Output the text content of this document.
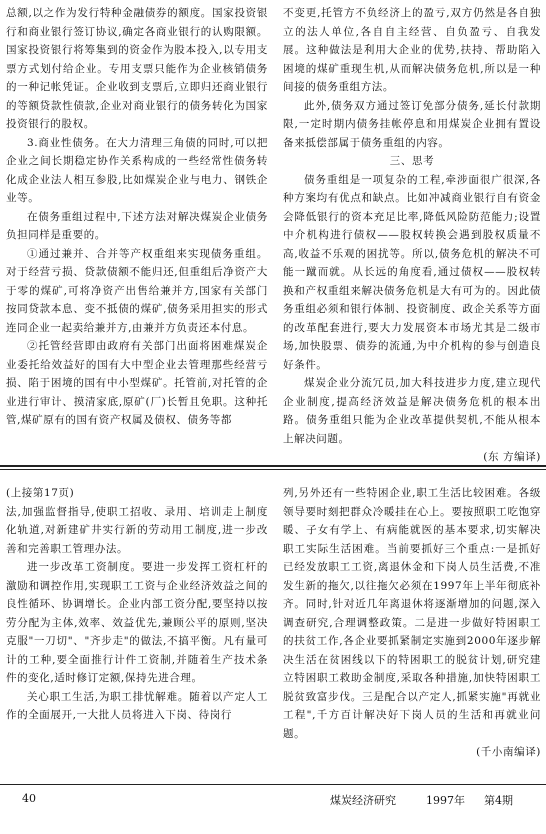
总额,以之作为发行特种金融债券的额度。国家投资银行和商业银行签订协议,确定各商业银行的认购限额。国家投资银行将筹集到的资金作为股本投入,以专用支票方式划付给企业。专用支票只能作为企业核销债务的一种记帐凭证。企业收到支票后,立即归还商业银行的等额贷款性债款,企业对商业银行的债务转化为国家投资银行的股权。

3.商业性债务。在大力清理三角债的同时,可以把企业之间长期稳定协作关系构成的一些经常性债务转化成企业法人相互参股,比如煤炭企业与电力、钢铁企业等。

在债务重组过程中,下述方法对解决煤炭企业债务负担同样是重要的。

①通过兼并、合并等产权重组来实现债务重组。对于经营亏损、贷款债额不能归还,但重组后净资产大于零的煤矿,可将净资产出售给兼并方,国家有关部门按同贷款本息、变不抵债的煤矿,债务采用担实的形式连同企业一起卖给兼并方,由兼并方负责还本付息。

②托管经营即由政府有关部门出面将困难煤炭企业委托给效益好的国有大中型企业去管理那些经营亏损、陷于困境的国有中小型煤矿。托管前,对托管的企业进行审计、摸清家底,原矿(厂)长暂且免职。这种托管,煤矿原有的国有资产权属及债权、债务等都

不变更,托管方不负经济上的盈亏,双方仍然是各自独立的法人单位,各自自主经营、自负盈亏、自我发展。这种做法是利用大企业的优势,扶持、帮助陷入困境的煤矿重现生机,从而解决债务危机,所以是一种间接的债务重组方法。

此外,债务双方通过签订免部分债务,延长付款期限,一定时期内债务挂帐停息和用煤炭企业拥有置设备来抵偿部属于债务重组的内容。

三、思考

债务重组是一项复杂的工程,牵涉面很广很深,各种方案均有优点和缺点。比如冲减商业银行自有资金会降低银行的资本充足比率,降低风险防范能力;设置中介机构进行债权——股权转换会遇到股权质量不高,收益不乐观的困扰等。所以,债务危机的解决不可能一蹴而就。从长远的角度看,通过债权——股权转换和产权重组来解决债务危机是大有可为的。因此债务重组必须和银行体制、投资制度、政企关系等方面的改革配套进行,要大力发展资本市场尤其是二级市场,加快股票、债券的流通,为中介机构的参与创造良好条件。

煤炭企业分流冗员,加大科技进步力度,建立现代企业制度,提高经济效益是解决债务危机的根本出路。债务重组只能为企业改革提供契机,不能从根本上解决问题。

(东 方编译)

(上接第17页)

法,加强监督指导,使职工招收、录用、培训走上制度化轨道,对新建矿井实行新的劳动用工制度,进一步改善和完善职工管理办法。

进一步改革工资制度。要进一步发挥工资杠杆的激励和调控作用,实现职工工资与企业经济效益之间的良性循环、协调增长。企业内部工资分配,要坚持以按劳分配为主体,效率、效益优先,兼顾公平的原则,坚决克服"一刀切"、"齐步走"的做法,不搞平衡。凡有量可计的工种,要全面推行计件工资制,并随着生产技术条件的变化,适时修订定额,保持先进合理。

关心职工生活,为职工排忧解难。随着以产定人工作的全面展开,一大批人员将进入下岗、待岗行

列,另外还有一些特困企业,职工生活比较困难。各级领导要时刻把群众冷暖挂在心上。要按照职工吃饱穿暖、子女有学上、有病能就医的基本要求,切实解决职工实际生活困难。当前要抓好三个重点:一是抓好已经发放职工工资,离退休金和下岗人员生活费,不准发生新的拖欠,以往拖欠必须在1997年上半年彻底补齐。同时,针对近几年离退休将逐渐增加的问题,深入调查研究,合理调整政策。二是进一步做好特困职工的扶贫工作,各企业要抓紧制定实施到2000年逐步解决生活在贫困线以下的特困职工的脱贫计划,研究建立特困职工救助金制度,采取各种措施,加快特困职工脱贫致富步伐。三是配合以产定人,抓紧实施"再就业工程",千方百计解决好下岗人员的生活和再就业问题。

(千小南编译)

40	煤炭经济研究	1997年 第4期
